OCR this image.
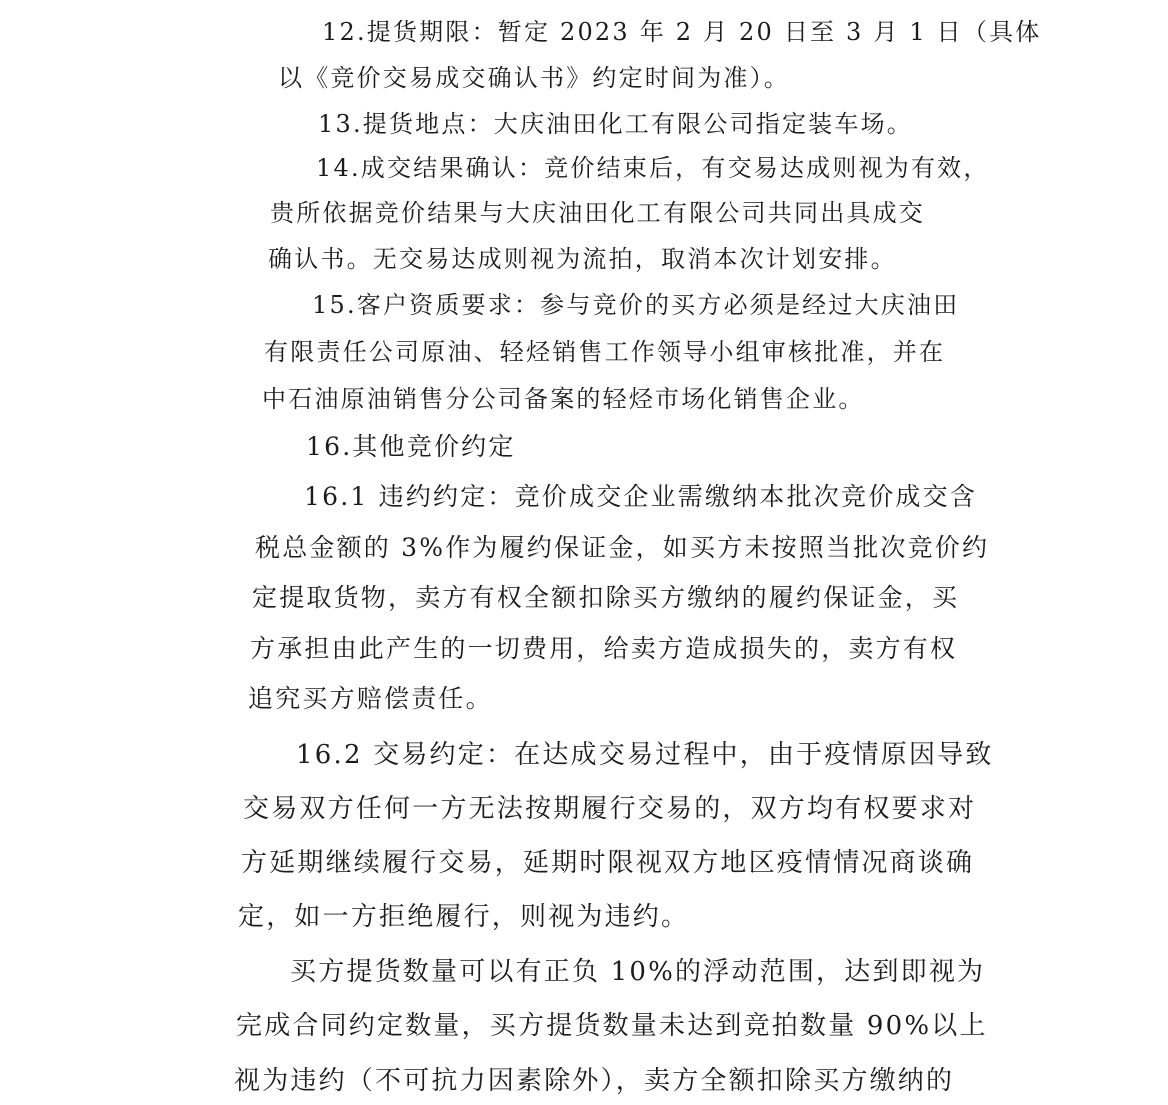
12.提货期限：暂定 2023 年 2 月 20 日至 3 月 1 日（具体
以《竞价交易成交确认书》约定时间为准）。
13.提货地点：大庆油田化工有限公司指定装车场。
14.成交结果确认：竞价结束后，有交易达成则视为有效，
贵所依据竞价结果与大庆油田化工有限公司共同出具成交
确认书。无交易达成则视为流拍，取消本次计划安排。
15.客户资质要求：参与竞价的买方必须是经过大庆油田
有限责任公司原油、轻烃销售工作领导小组审核批准，并在
中石油原油销售分公司备案的轻烃市场化销售企业。
16.其他竞价约定
16.1 违约约定：竞价成交企业需缴纳本批次竞价成交含
税总金额的 3%作为履约保证金，如买方未按照当批次竞价约
定提取货物，卖方有权全额扣除买方缴纳的履约保证金，买
方承担由此产生的一切费用，给卖方造成损失的，卖方有权
追究买方赔偿责任。
16.2 交易约定：在达成交易过程中，由于疫情原因导致
交易双方任何一方无法按期履行交易的，双方均有权要求对
方延期继续履行交易，延期时限视双方地区疫情情况商谈确
定，如一方拒绝履行，则视为违约。
买方提货数量可以有正负 10%的浮动范围，达到即视为
完成合同约定数量，买方提货数量未达到竞拍数量 90%以上
视为违约（不可抗力因素除外），卖方全额扣除买方缴纳的
